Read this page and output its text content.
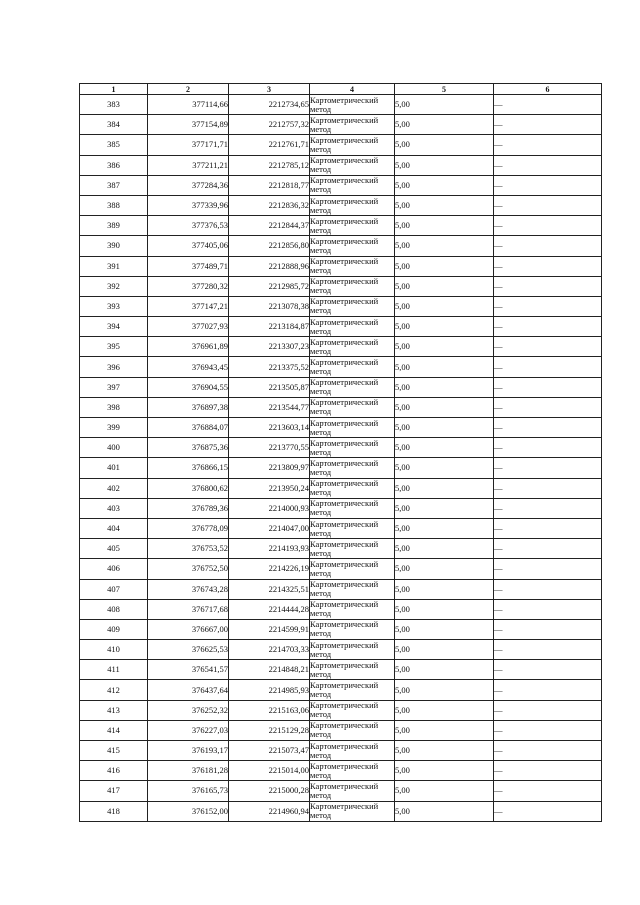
1	2	3	4	5	6
383	377114,66	2212734,65	Картометрический метод	5,00	—
384	377154,89	2212757,32	Картометрический метод	5,00	—
385	377171,71	2212761,71	Картометрический метод	5,00	—
386	377211,21	2212785,12	Картометрический метод	5,00	—
387	377284,36	2212818,77	Картометрический метод	5,00	—
388	377339,96	2212836,32	Картометрический метод	5,00	—
389	377376,53	2212844,37	Картометрический метод	5,00	—
390	377405,06	2212856,80	Картометрический метод	5,00	—
391	377489,71	2212888,96	Картометрический метод	5,00	—
392	377280,32	2212985,72	Картометрический метод	5,00	—
393	377147,21	2213078,38	Картометрический метод	5,00	—
394	377027,93	2213184,87	Картометрический метод	5,00	—
395	376961,89	2213307,23	Картометрический метод	5,00	—
396	376943,45	2213375,52	Картометрический метод	5,00	—
397	376904,55	2213505,87	Картометрический метод	5,00	—
398	376897,38	2213544,77	Картометрический метод	5,00	—
399	376884,07	2213603,14	Картометрический метод	5,00	—
400	376875,36	2213770,55	Картометрический метод	5,00	—
401	376866,15	2213809,97	Картометрический метод	5,00	—
402	376800,62	2213950,24	Картометрический метод	5,00	—
403	376789,36	2214000,93	Картометрический метод	5,00	—
404	376778,09	2214047,00	Картометрический метод	5,00	—
405	376753,52	2214193,93	Картометрический метод	5,00	—
406	376752,50	2214226,19	Картометрический метод	5,00	—
407	376743,28	2214325,51	Картометрический метод	5,00	—
408	376717,68	2214444,28	Картометрический метод	5,00	—
409	376667,00	2214599,91	Картометрический метод	5,00	—
410	376625,53	2214703,33	Картометрический метод	5,00	—
411	376541,57	2214848,21	Картометрический метод	5,00	—
412	376437,64	2214985,93	Картометрический метод	5,00	—
413	376252,32	2215163,06	Картометрический метод	5,00	—
414	376227,03	2215129,28	Картометрический метод	5,00	—
415	376193,17	2215073,47	Картометрический метод	5,00	—
416	376181,28	2215014,00	Картометрический метод	5,00	—
417	376165,73	2215000,28	Картометрический метод	5,00	—
418	376152,00	2214960,94	Картометрический метод	5,00	—
